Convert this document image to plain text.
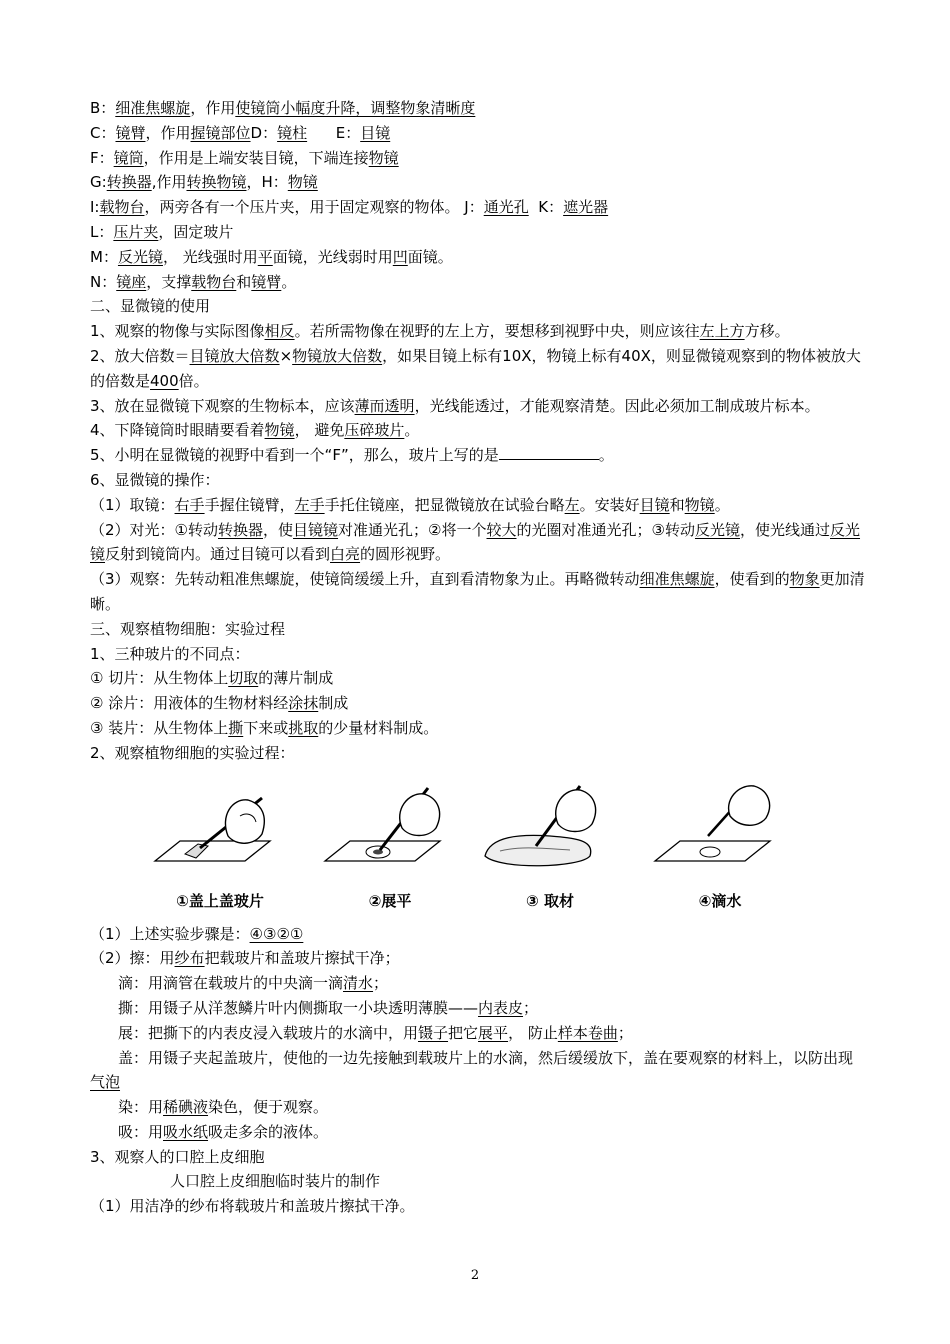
B：细准焦螺旋，作用使镜筒小幅度升降，调整物象清晰度
C：镜臂，作用握镜部位D：镜柱 E：目镜
F：镜筒，作用是上端安装目镜，下端连接物镜
G:转换器,作用转换物镜，H：物镜
I:载物台，两旁各有一个压片夹，用于固定观察的物体。 J：通光孔 K：遮光器
L：压片夹，固定玻片
M：反光镜， 光线强时用平面镜，光线弱时用凹面镜。
N：镜座，支撑载物台和镜臂。
二、显微镜的使用
1、观察的物像与实际图像相反。若所需物像在视野的左上方，要想移到视野中央，则应该往左上方方移。
2、放大倍数＝目镜放大倍数×物镜放大倍数，如果目镜上标有10X，物镜上标有40X，则显微镜观察到的物体被放大的倍数是400倍。
3、放在显微镜下观察的生物标本，应该薄而透明，光线能透过，才能观察清楚。因此必须加工制成玻片标本。
4、下降镜筒时眼睛要看着物镜， 避免压碎玻片。
5、小明在显微镜的视野中看到一个“F”，那么，玻片上写的是	。
6、显微镜的操作：
（1）取镜：右手手握住镜臂，左手手托住镜座，把显微镜放在试验台略左。安装好目镜和物镜。
（2）对光：①转动转换器，使目镜镜对准通光孔；②将一个较大的光圈对准通光孔；③转动反光镜，使光线通过反光镜反射到镜筒内。通过目镜可以看到白亮的圆形视野。
（3）观察：先转动粗准焦螺旋，使镜筒缓缓上升，直到看清物象为止。再略微转动细准焦螺旋，使看到的物象更加清晰。
三、观察植物细胞：实验过程
1、三种玻片的不同点：
① 切片：从生物体上切取的薄片制成
② 涂片：用液体的生物材料经涂抹制成
③ 装片：从生物体上撕下来或挑取的少量材料制成。
2、观察植物细胞的实验过程：
①盖上盖玻片	②展平	③ 取材	④滴水
（1）上述实验步骤是：④③②①
（2）擦：用纱布把载玻片和盖玻片擦拭干净；
滴：用滴管在载玻片的中央滴一滴清水；
撕：用镊子从洋葱鳞片叶内侧撕取一小块透明薄膜——内表皮；
展：把撕下的内表皮浸入载玻片的水滴中，用镊子把它展平， 防止样本卷曲；
盖：用镊子夹起盖玻片，使他的一边先接触到载玻片上的水滴，然后缓缓放下，盖在要观察的材料上，以防出现气泡
染：用稀碘液染色，便于观察。
吸：用吸水纸吸走多余的液体。
3、观察人的口腔上皮细胞
人口腔上皮细胞临时装片的制作
（1）用洁净的纱布将载玻片和盖玻片擦拭干净。
2
